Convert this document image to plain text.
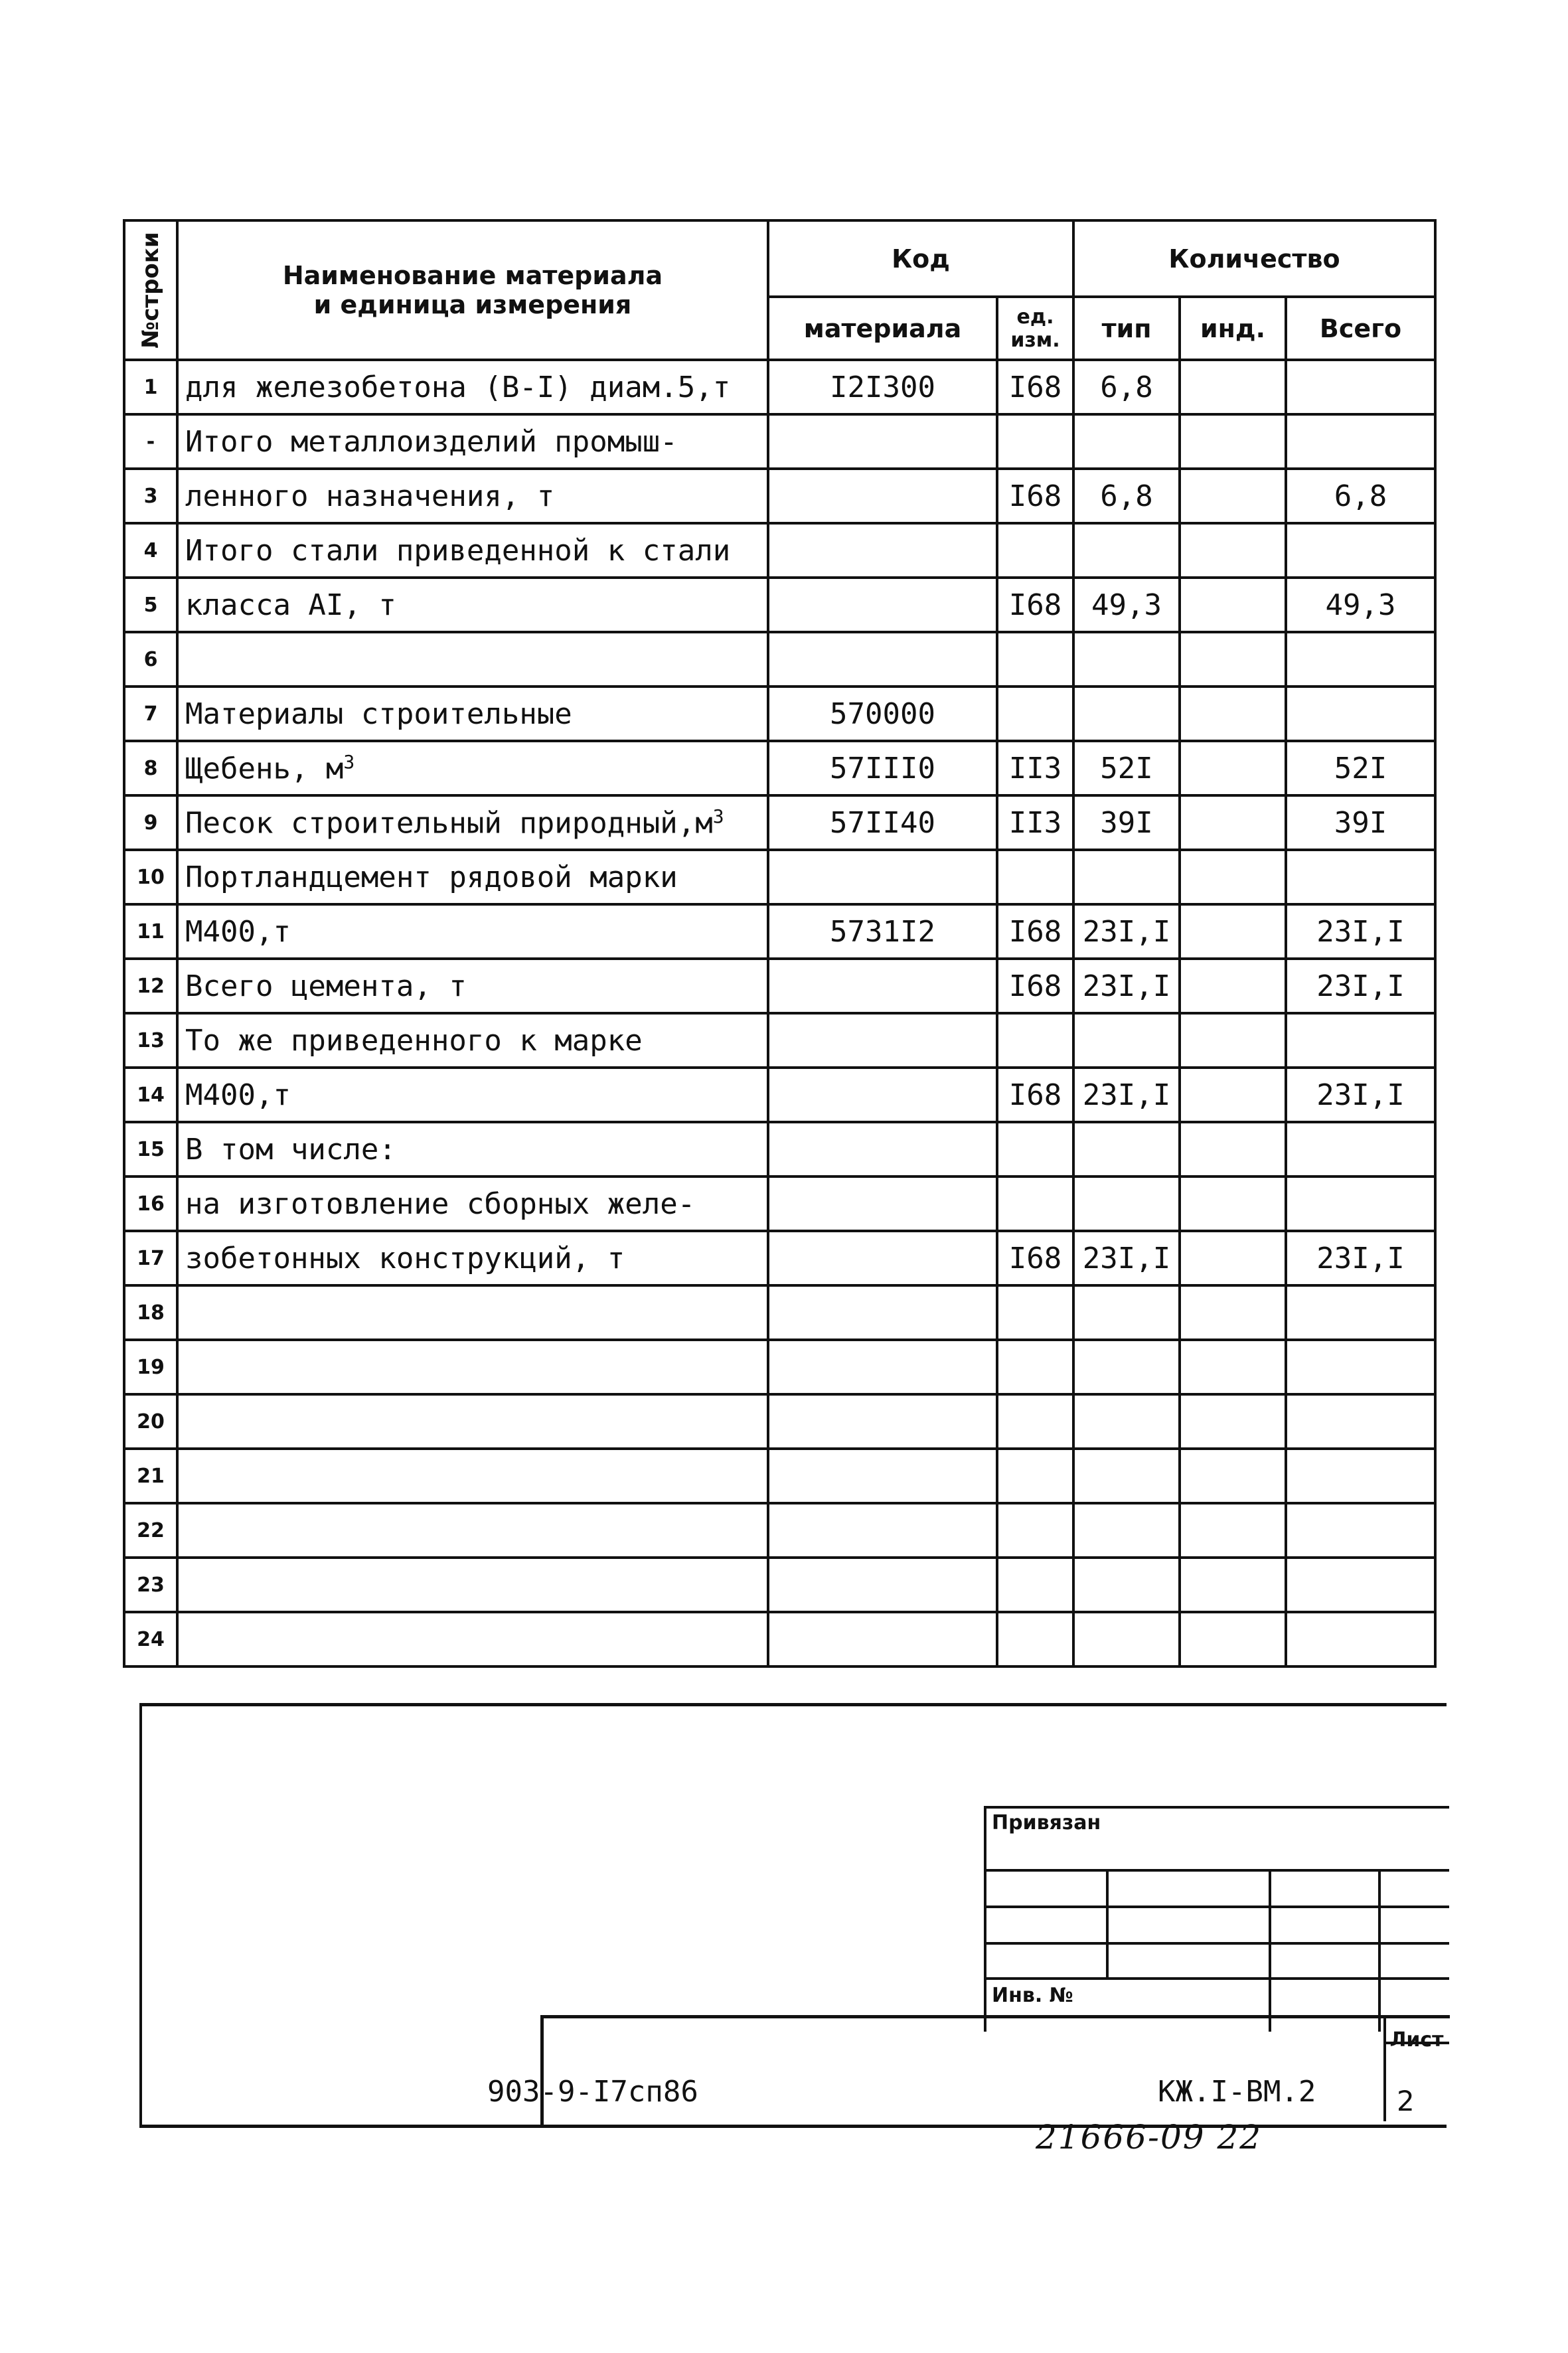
№строки	Наименование материала
и единица измерения	Код		Количество		
		материала	ед. изм.	тип	инд.	Всего
1	для железобетона (В-I) диам.5,т	I2I300	I68	6,8		
-	Итого металлоизделий промыш-					
3	ленного назначения, т		I68	6,8		6,8
4	Итого стали приведенной к стали					
5	класса АI, т		I68	49,3		49,3
6						
7	Материалы строительные	570000				
8	Щебень, $м^3$	57III0	II3	52I		52I
9	Песок строительный $природный,м^3$	57II40	II3	39I		39I
10	Портландцемент рядовой марки					
11	М400,т	5731I2	I68	23I,I		23I,I
12	Всего цемента, т		I68	23I,I		23I,I
13	То же приведенного к марке					
14	М400,т		I68	23I,I		23I,I
15	В том числе:					
16	на изготовление сборных желе-					
17	зобетонных конструкций, т		I68	23I,I		23I,I
18						
19						
20						
21						
22						
23						
24						
Привязан
Инв. №
903-9-I7сп86	КЖ.I-ВМ.2
Лист
2
21666-09 22
